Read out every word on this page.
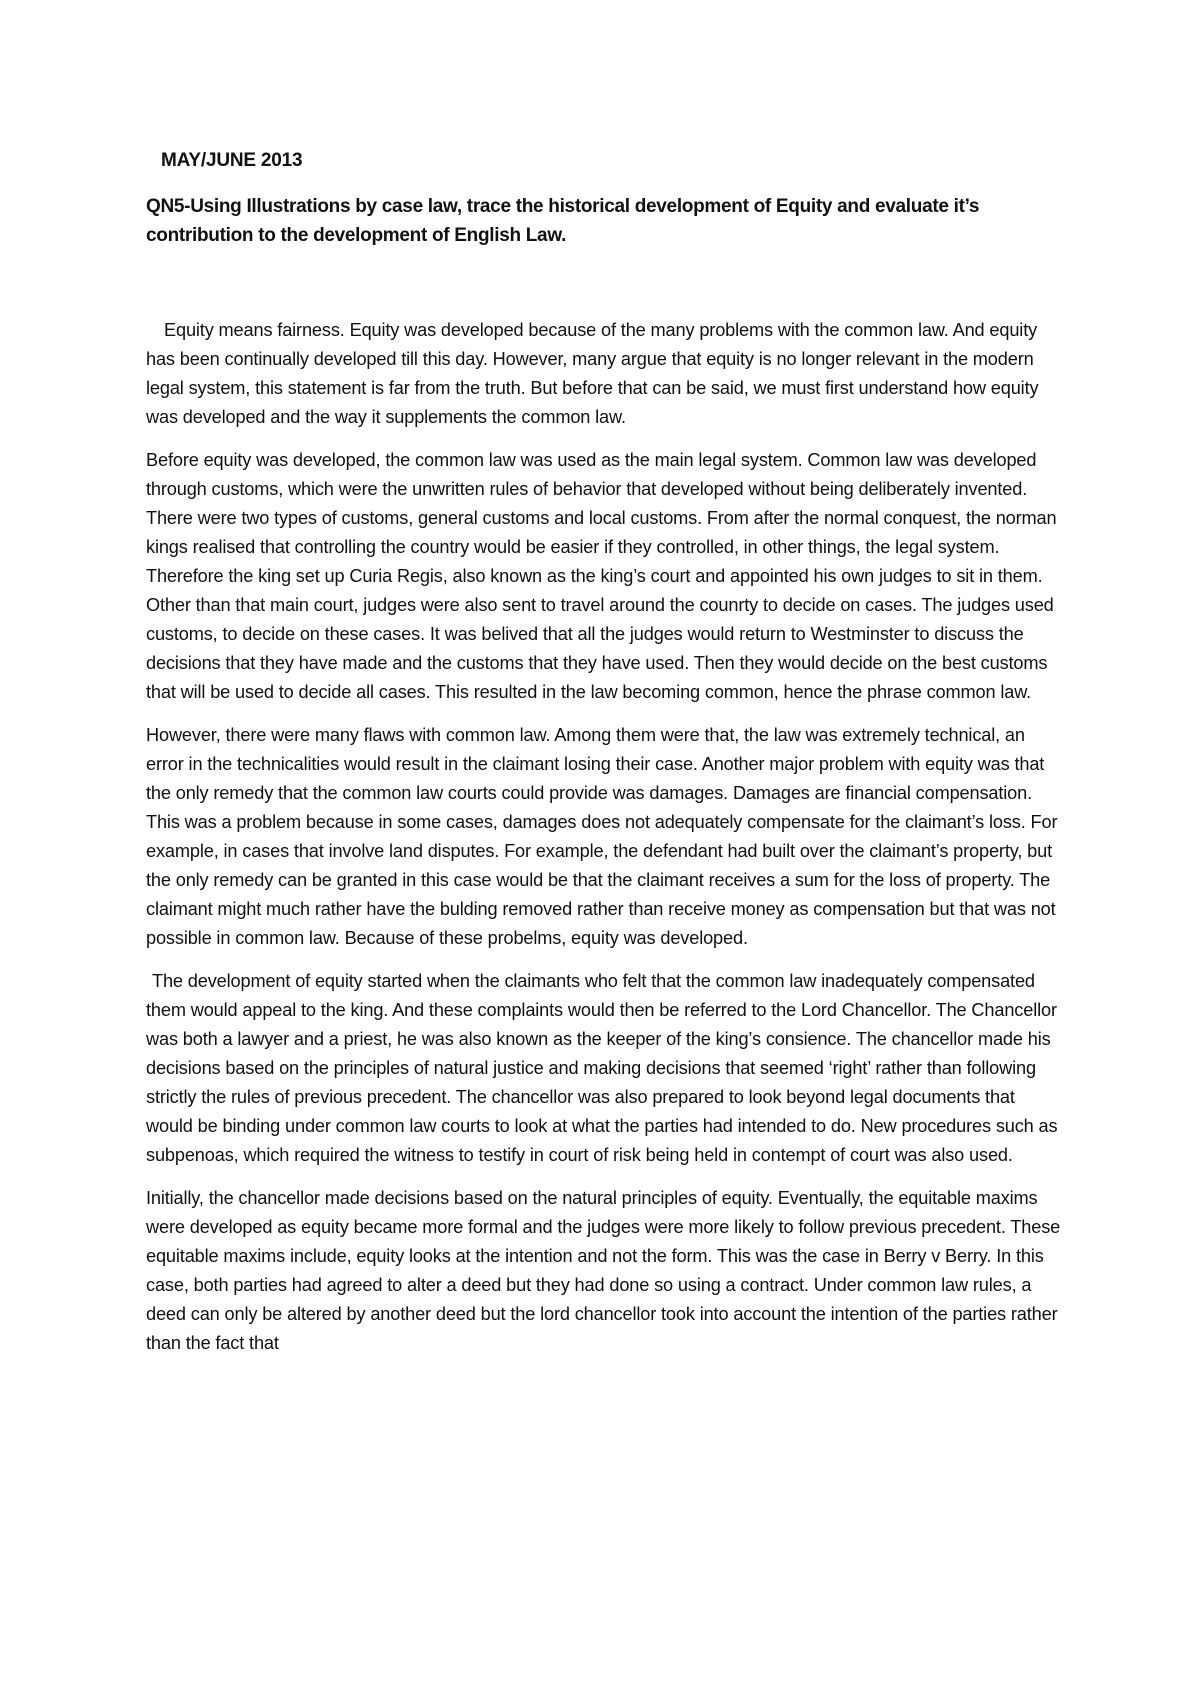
MAY/JUNE 2013
QN5-Using Illustrations by case law, trace the historical development of Equity and evaluate it’s contribution to the development of English Law.

Equity means fairness. Equity was developed because of the many problems with the common law. And equity has been continually developed till this day. However, many argue that equity is no longer relevant in the modern legal system, this statement is far from the truth. But before that can be said, we must first understand how equity was developed and the way it supplements the common law.

Before equity was developed, the common law was used as the main legal system. Common law was developed through customs, which were the unwritten rules of behavior that developed without being deliberately invented. There were two types of customs, general customs and local customs. From after the normal conquest, the norman kings realised that controlling the country would be easier if they controlled, in other things, the legal system. Therefore the king set up Curia Regis, also known as the king’s court and appointed his own judges to sit in them. Other than that main court, judges were also sent to travel around the counrty to decide on cases. The judges used customs, to decide on these cases. It was belived that all the judges would return to Westminster to discuss the decisions that they have made and the customs that they have used. Then they would decide on the best customs that will be used to decide all cases. This resulted in the law becoming common, hence the phrase common law.

However, there were many flaws with common law. Among them were that, the law was extremely technical, an error in the technicalities would result in the claimant losing their case. Another major problem with equity was that the only remedy that the common law courts could provide was damages. Damages are financial compensation. This was a problem because in some cases, damages does not adequately compensate for the claimant’s loss. For example, in cases that involve land disputes. For example, the defendant had built over the claimant’s property, but the only remedy can be granted in this case would be that the claimant receives a sum for the loss of property. The claimant might much rather have the bulding removed rather than receive money as compensation but that was not possible in common law. Because of these probelms, equity was developed.

The development of equity started when the claimants who felt that the common law inadequately compensated them would appeal to the king. And these complaints would then be referred to the Lord Chancellor. The Chancellor was both a lawyer and a priest, he was also known as the keeper of the king’s consience. The chancellor made his decisions based on the principles of natural justice and making decisions that seemed ‘right’ rather than following strictly the rules of previous precedent. The chancellor was also prepared to look beyond legal documents that would be binding under common law courts to look at what the parties had intended to do. New procedures such as subpenoas, which required the witness to testify in court of risk being held in contempt of court was also used.

Initially, the chancellor made decisions based on the natural principles of equity. Eventually, the equitable maxims were developed as equity became more formal and the judges were more likely to follow previous precedent. These equitable maxims include, equity looks at the intention and not the form. This was the case in Berry v Berry. In this case, both parties had agreed to alter a deed but they had done so using a contract. Under common law rules, a deed can only be altered by another deed but the lord chancellor took into account the intention of the parties rather than the fact that
